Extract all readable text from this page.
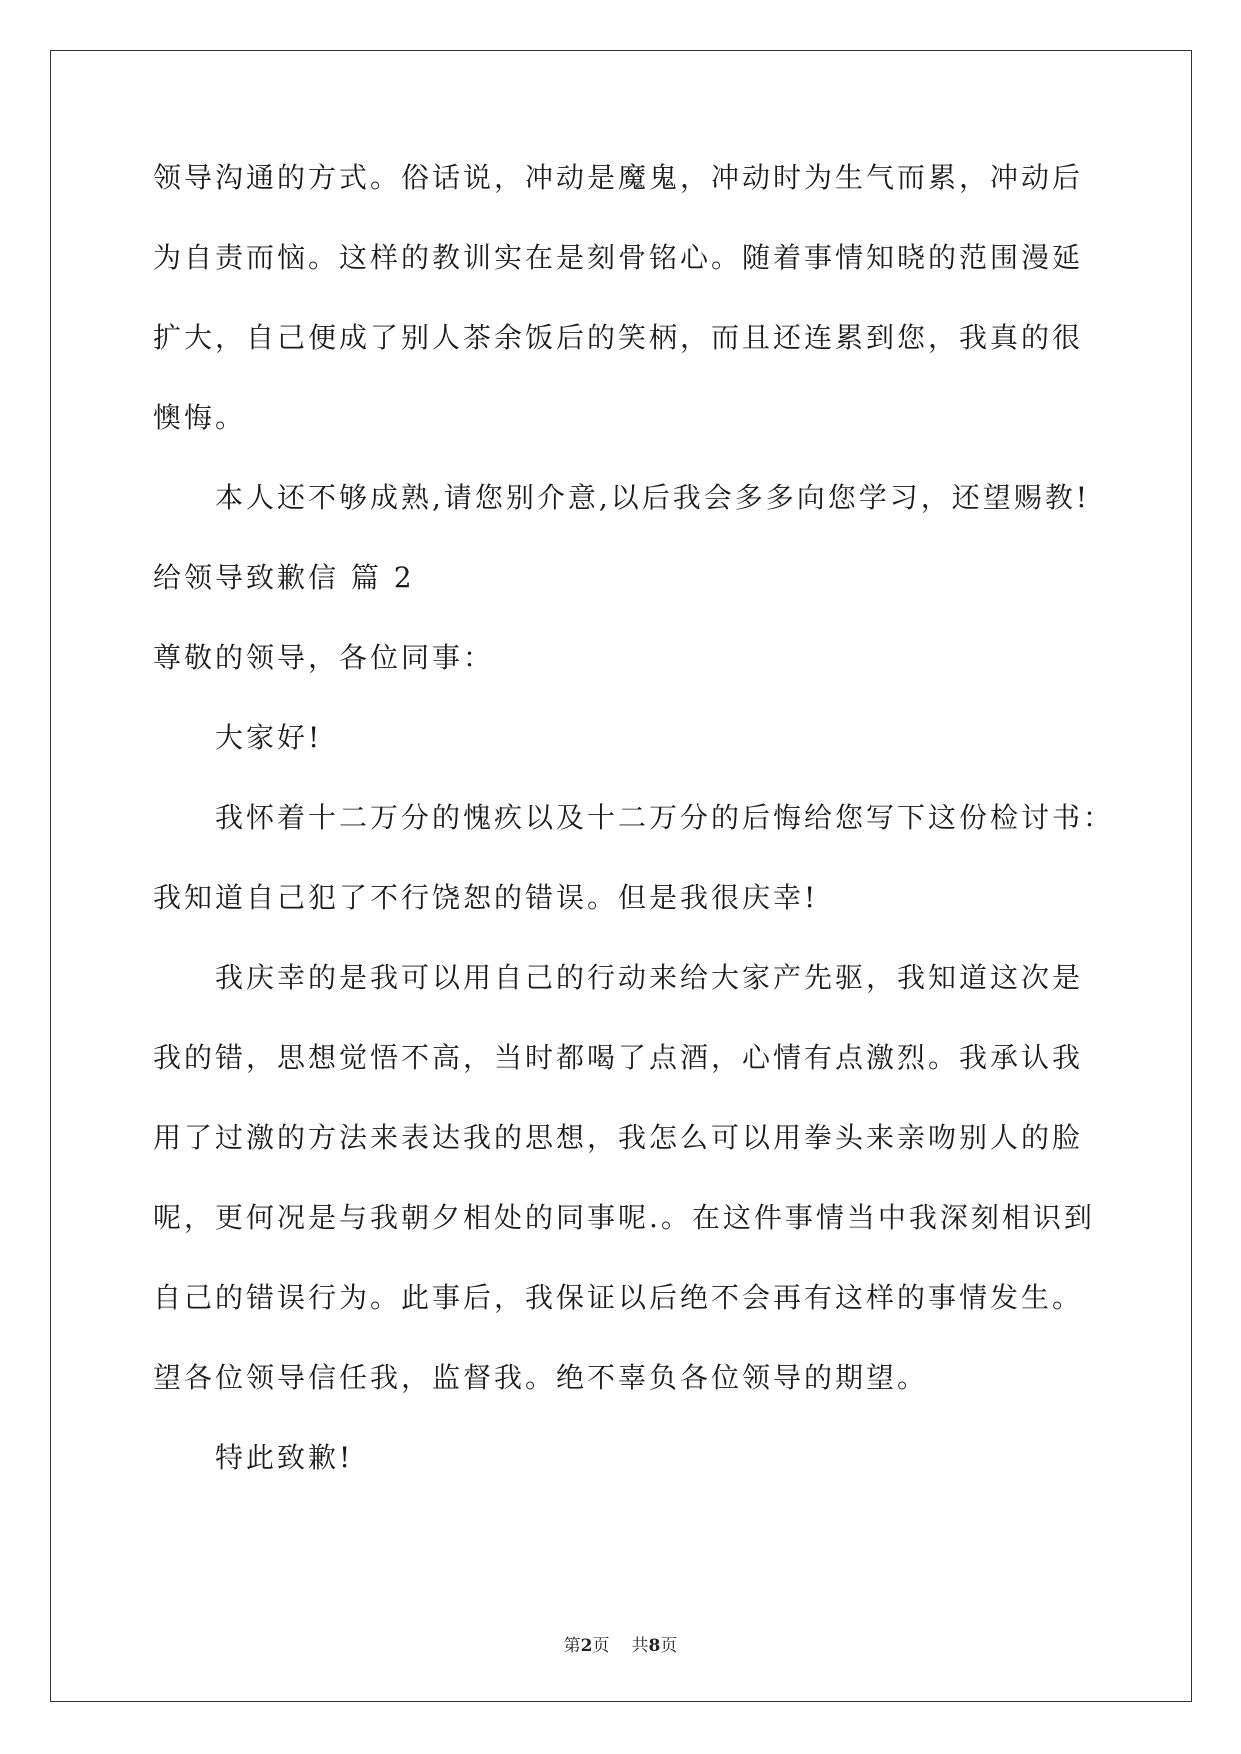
领导沟通的方式。俗话说，冲动是魔鬼，冲动时为生气而累，冲动后
为自责而恼。这样的教训实在是刻骨铭心。随着事情知晓的范围漫延
扩大，自己便成了别人茶余饭后的笑柄，而且还连累到您，我真的很
懊悔。
本人还不够成熟,请您别介意,以后我会多多向您学习，还望赐教!
给领导致歉信 篇 2
尊敬的领导，各位同事：
大家好!
我怀着十二万分的愧疚以及十二万分的后悔给您写下这份检讨书：
我知道自己犯了不行饶恕的错误。但是我很庆幸!
我庆幸的是我可以用自己的行动来给大家产先驱，我知道这次是
我的错，思想觉悟不高，当时都喝了点酒，心情有点激烈。我承认我
用了过激的方法来表达我的思想，我怎么可以用拳头来亲吻别人的脸
呢，更何况是与我朝夕相处的同事呢.。在这件事情当中我深刻相识到
自己的错误行为。此事后，我保证以后绝不会再有这样的事情发生。
望各位领导信任我，监督我。绝不辜负各位领导的期望。
特此致歉!
第2页 共8页
